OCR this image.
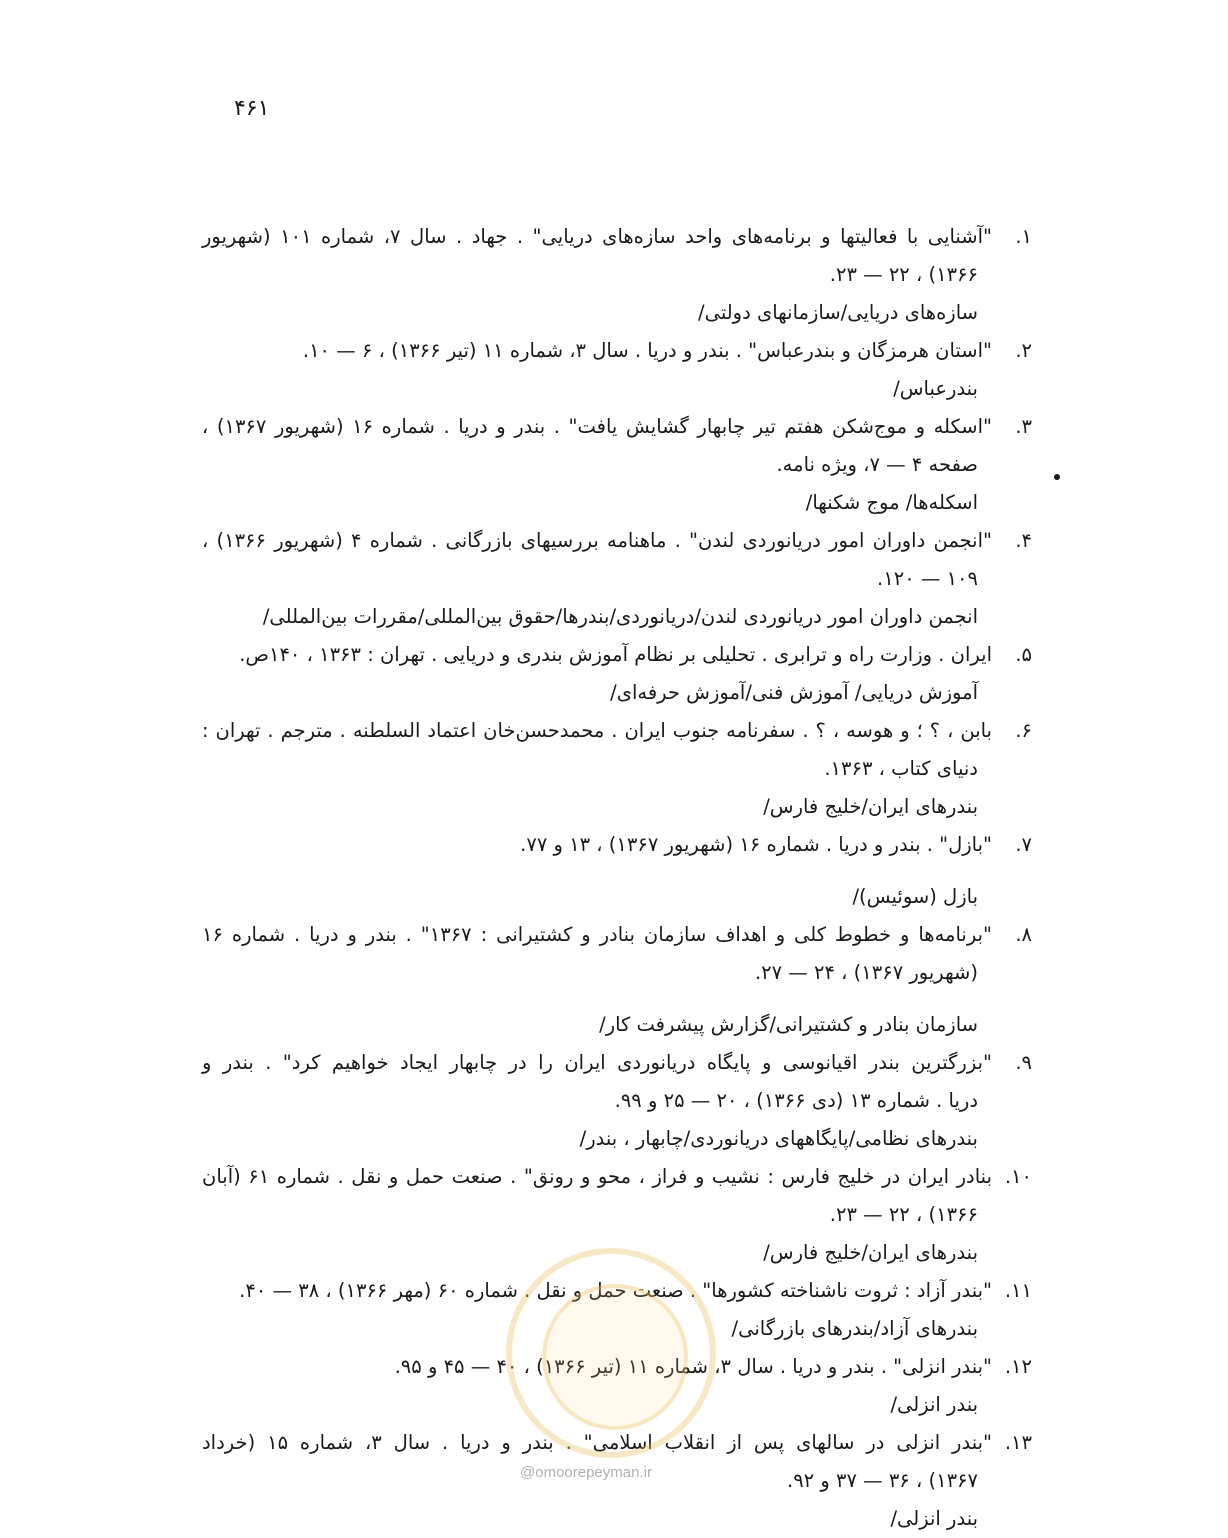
۴۶۱
۱."آشنایی با فعالیتها و برنامه‌های واحد سازه‌های دریایی" . جهاد . سال ۷، شماره ۱۰۱ (شهریور
۱۳۶۶) ، ۲۲ — ۲۳.
سازه‌های دریایی/سازمانهای دولتی/
۲."استان هرمزگان و بندرعباس" . بندر و دریا . سال ۳، شماره ۱۱ (تیر ۱۳۶۶) ، ۶ — ۱۰.
بندرعباس/
۳."اسکله و موج‌شکن هفتم تیر چابهار گشایش یافت" . بندر و دریا . شماره ۱۶ (شهریور ۱۳۶۷) ،
صفحه ۴ — ۷، ویژه نامه.
اسکله‌ها/ موج شکنها/
۴."انجمن داوران امور دریانوردی لندن" . ماهنامه بررسیهای بازرگانی . شماره ۴ (شهریور ۱۳۶۶) ،
۱۰۹ — ۱۲۰.
انجمن داوران امور دریانوردی لندن/دریانوردی/بندرها/حقوق بین‌المللی/مقررات بین‌المللی/
۵.ایران . وزارت راه و ترابری . تحلیلی بر نظام آموزش بندری و دریایی . تهران : ۱۳۶۳ ، ۱۴۰ص.
آموزش دریایی/ آموزش فنی/آموزش حرفه‌ای/
۶.بابن ، ؟ ؛ و هوسه ، ؟ . سفرنامه جنوب ایران . محمدحسن‌خان اعتماد السلطنه . مترجم . تهران :
دنیای کتاب ، ۱۳۶۳.
بندرهای ایران/خلیج فارس/
۷."بازل" . بندر و دریا . شماره ۱۶ (شهریور ۱۳۶۷) ، ۱۳ و ۷۷.
بازل (سوئیس)/
۸."برنامه‌ها و خطوط کلی و اهداف سازمان بنادر و کشتیرانی : ۱۳۶۷" . بندر و دریا . شماره ۱۶
(شهریور ۱۳۶۷) ، ۲۴ — ۲۷.
سازمان بنادر و کشتیرانی/گزارش پیشرفت کار/
۹."بزرگترین بندر اقیانوسی و پایگاه دریانوردی ایران را در چابهار ایجاد خواهیم کرد" . بندر و
دریا . شماره ۱۳ (دی ۱۳۶۶) ، ۲۰ — ۲۵ و ۹۹.
بندرهای نظامی/پایگاههای دریانوردی/چابهار ، بندر/
۱۰.بنادر ایران در خلیج فارس : نشیب و فراز ، محو و رونق" . صنعت حمل و نقل . شماره ۶۱ (آبان
۱۳۶۶) ، ۲۲ — ۲۳.
بندرهای ایران/خلیج فارس/
۱۱."بندر آزاد : ثروت ناشناخته کشورها" . صنعت حمل و نقل . شماره ۶۰ (مهر ۱۳۶۶) ، ۳۸ — ۴۰.
بندرهای آزاد/بندرهای بازرگانی/
۱۲."بندر انزلی" . بندر و دریا . سال ۳، شماره ۱۱ (تیر ۱۳۶۶) ، ۴۰ — ۴۵ و ۹۵.
بندر انزلی/
۱۳."بندر انزلی در سالهای پس از انقلاب اسلامی" . بندر و دریا . سال ۳، شماره ۱۵ (خرداد
۱۳۶۷) ، ۳۶ — ۳۷ و ۹۲.
بندر انزلی/
@omoorepeyman.ir
